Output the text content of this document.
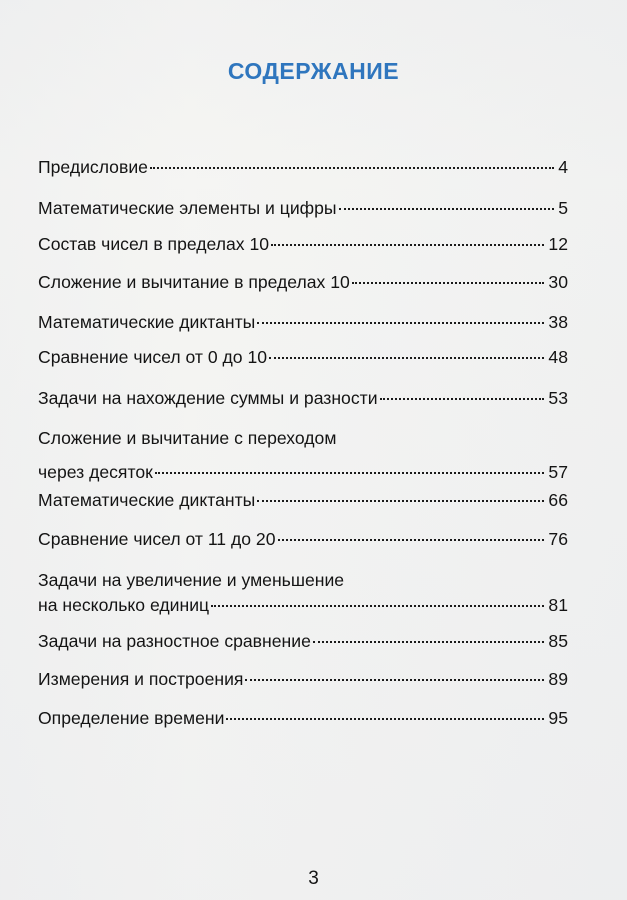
СОДЕРЖАНИЕ
Предисловие	4
Математические элементы и цифры	5
Состав чисел в пределах 10	12
Сложение и вычитание в пределах 10	30
Математические диктанты	38
Сравнение чисел от 0 до 10	48
Задачи на нахождение суммы и разности	53
Сложение и вычитание с переходом
через десяток	57
Математические диктанты	66
Сравнение чисел от 11 до 20	76
Задачи на увеличение и уменьшение
на несколько единиц	81
Задачи на разностное сравнение	85
Измерения и построения	89
Определение времени	95
3
